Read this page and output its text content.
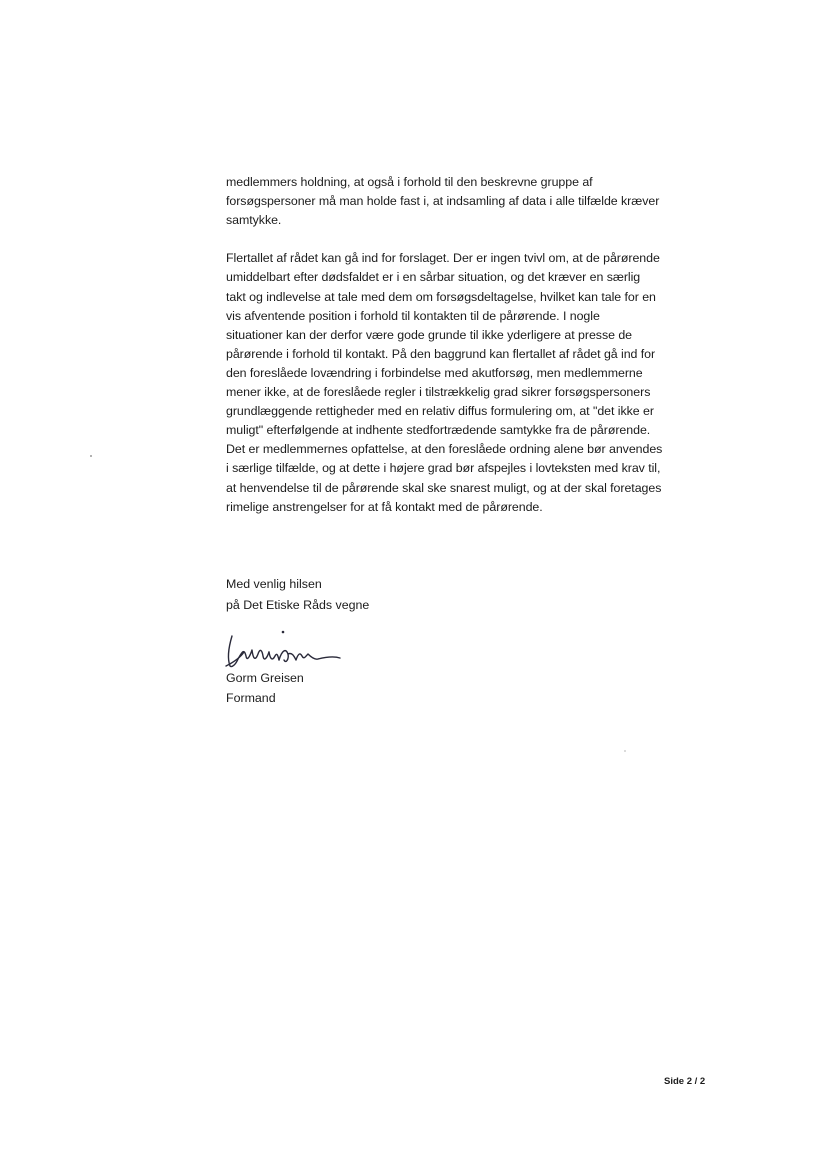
medlemmers holdning, at også i forhold til den beskrevne gruppe af
forsøgspersoner må man holde fast i, at indsamling af data i alle tilfælde kræver
samtykke.
Flertallet af rådet kan gå ind for forslaget. Der er ingen tvivl om, at de pårørende
umiddelbart efter dødsfaldet er i en sårbar situation, og det kræver en særlig
takt og indlevelse at tale med dem om forsøgsdeltagelse, hvilket kan tale for en
vis afventende position i forhold til kontakten til de pårørende. I nogle
situationer kan der derfor være gode grunde til ikke yderligere at presse de
pårørende i forhold til kontakt. På den baggrund kan flertallet af rådet gå ind for
den foreslåede lovændring i forbindelse med akutforsøg, men medlemmerne
mener ikke, at de foreslåede regler i tilstrækkelig grad sikrer forsøgspersoners
grundlæggende rettigheder med en relativ diffus formulering om, at "det ikke er
muligt" efterfølgende at indhente stedfortrædende samtykke fra de pårørende.
Det er medlemmernes opfattelse, at den foreslåede ordning alene bør anvendes
i særlige tilfælde, og at dette i højere grad bør afspejles i lovteksten med krav til,
at henvendelse til de pårørende skal ske snarest muligt, og at der skal foretages
rimelige anstrengelser for at få kontakt med de pårørende.
Med venlig hilsen
på Det Etiske Råds vegne
Gorm Greisen
Formand
Side 2 / 2
